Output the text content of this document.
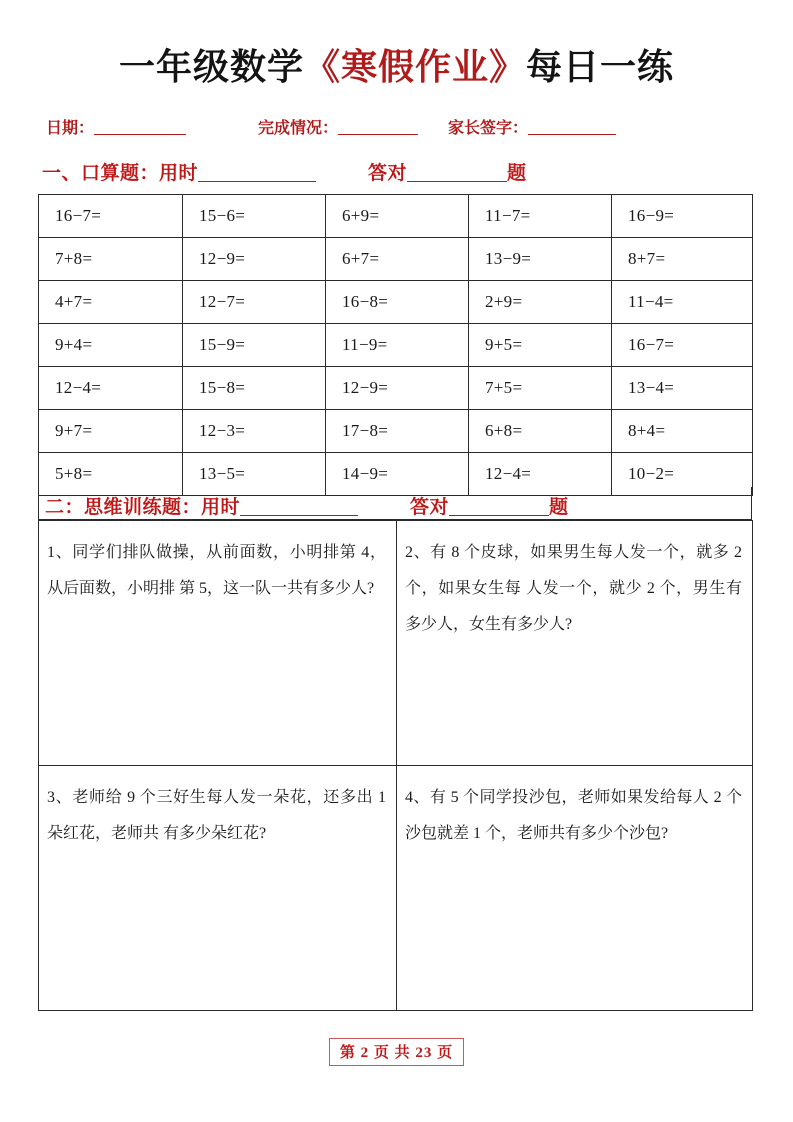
一年级数学《寒假作业》每日一练
日期：	完成情况：	家长签字：
一、口算题：用时	答对	题
16−7=	15−6=	6+9=	11−7=	16−9=
7+8=	12−9=	6+7=	13−9=	8+7=
4+7=	12−7=	16−8=	2+9=	11−4=
9+4=	15−9=	11−9=	9+5=	16−7=
12−4=	15−8=	12−9=	7+5=	13−4=
9+7=	12−3=	17−8=	6+8=	8+4=
5+8=	13−5=	14−9=	12−4=	10−2=
二：思维训练题：用时	答对	题
1、同学们排队做操，从前面数，小明排第 4，从后面数，小明排 第 5，这一队一共有多少人?	2、有 8 个皮球，如果男生每人发一个，就多 2 个，如果女生每 人发一个，就少 2 个，男生有多少人，女生有多少人?
3、老师给 9 个三好生每人发一朵花，还多出 1 朵红花，老师共 有多少朵红花?	4、有 5 个同学投沙包，老师如果发给每人 2 个沙包就差 1 个，老师共有多少个沙包?
第 2 页 共 23 页
